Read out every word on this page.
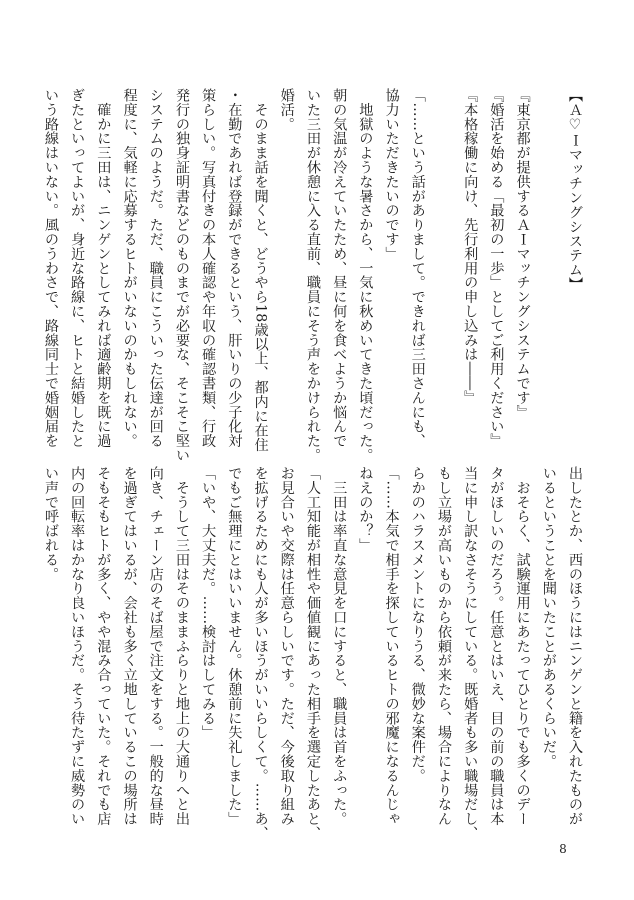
【Ａ♡Ｉマッチングシステム】

『東京都が提供するＡＩマッチングシステムです』
『婚活を始める「最初の一歩」としてご利用ください』
『本格稼働に向け、先行利用の申し込みは――』

「……という話がありまして。できれば三田さんにも、
協力いただきたいのです」
　地獄のような暑さから、一気に秋めいてきた頃だった。
朝の気温が冷えていたため、昼に何を食べようか悩んで
いた三田が休憩に入る直前、職員にそう声をかけられた。
婚活。
　そのまま話を聞くと、どうやら18歳以上、都内に在住
・在勤であれば登録ができるという、肝いりの少子化対
策らしい。写真付きの本人確認や年収の確認書類、行政
発行の独身証明書などのものまでが必要な、そこそこ堅い
システムのようだ。ただ、職員にこういった伝達が回る
程度に、気軽に応募するヒトがいないのかもしれない。
　確かに三田は、ニンゲンとしてみれば適齢期を既に過
ぎたといってよいが、身近な路線に、ヒトと結婚したと
いう路線はいない。風のうわさで、路線同士で婚姻届を
出したとか、西のほうにはニンゲンと籍を入れたものが
いるということを聞いたことがあるくらいだ。
　おそらく、試験運用にあたってひとりでも多くのデー
タがほしいのだろう。任意とはいえ、目の前の職員は本
当に申し訳なさそうにしている。既婚者も多い職場だし、
もし立場が高いものから依頼が来たら、場合によりなん
らかのハラスメントになりうる、微妙な案件だ。
「……本気で相手を探しているヒトの邪魔になるんじゃ
ねえのか？」
　三田は率直な意見を口にすると、職員は首をふった。
「人工知能が相性や価値観にあった相手を選定したあと、
お見合いや交際は任意らしいです。ただ、今後取り組み
を拡げるためにも人が多いほうがいいらしくて。……あ、
でもご無理にとはいいません。休憩前に失礼しました」
「いや、大丈夫だ。……検討はしてみる」
　そうして三田はそのままふらりと地上の大通りへと出
向き、チェーン店のそば屋で注文をする。一般的な昼時
を過ぎてはいるが、会社も多く立地しているこの場所は
そもそもヒトが多く、やや混み合っていた。それでも店
内の回転率はかなり良いほうだ。そう待たずに威勢のい
い声で呼ばれる。
8
